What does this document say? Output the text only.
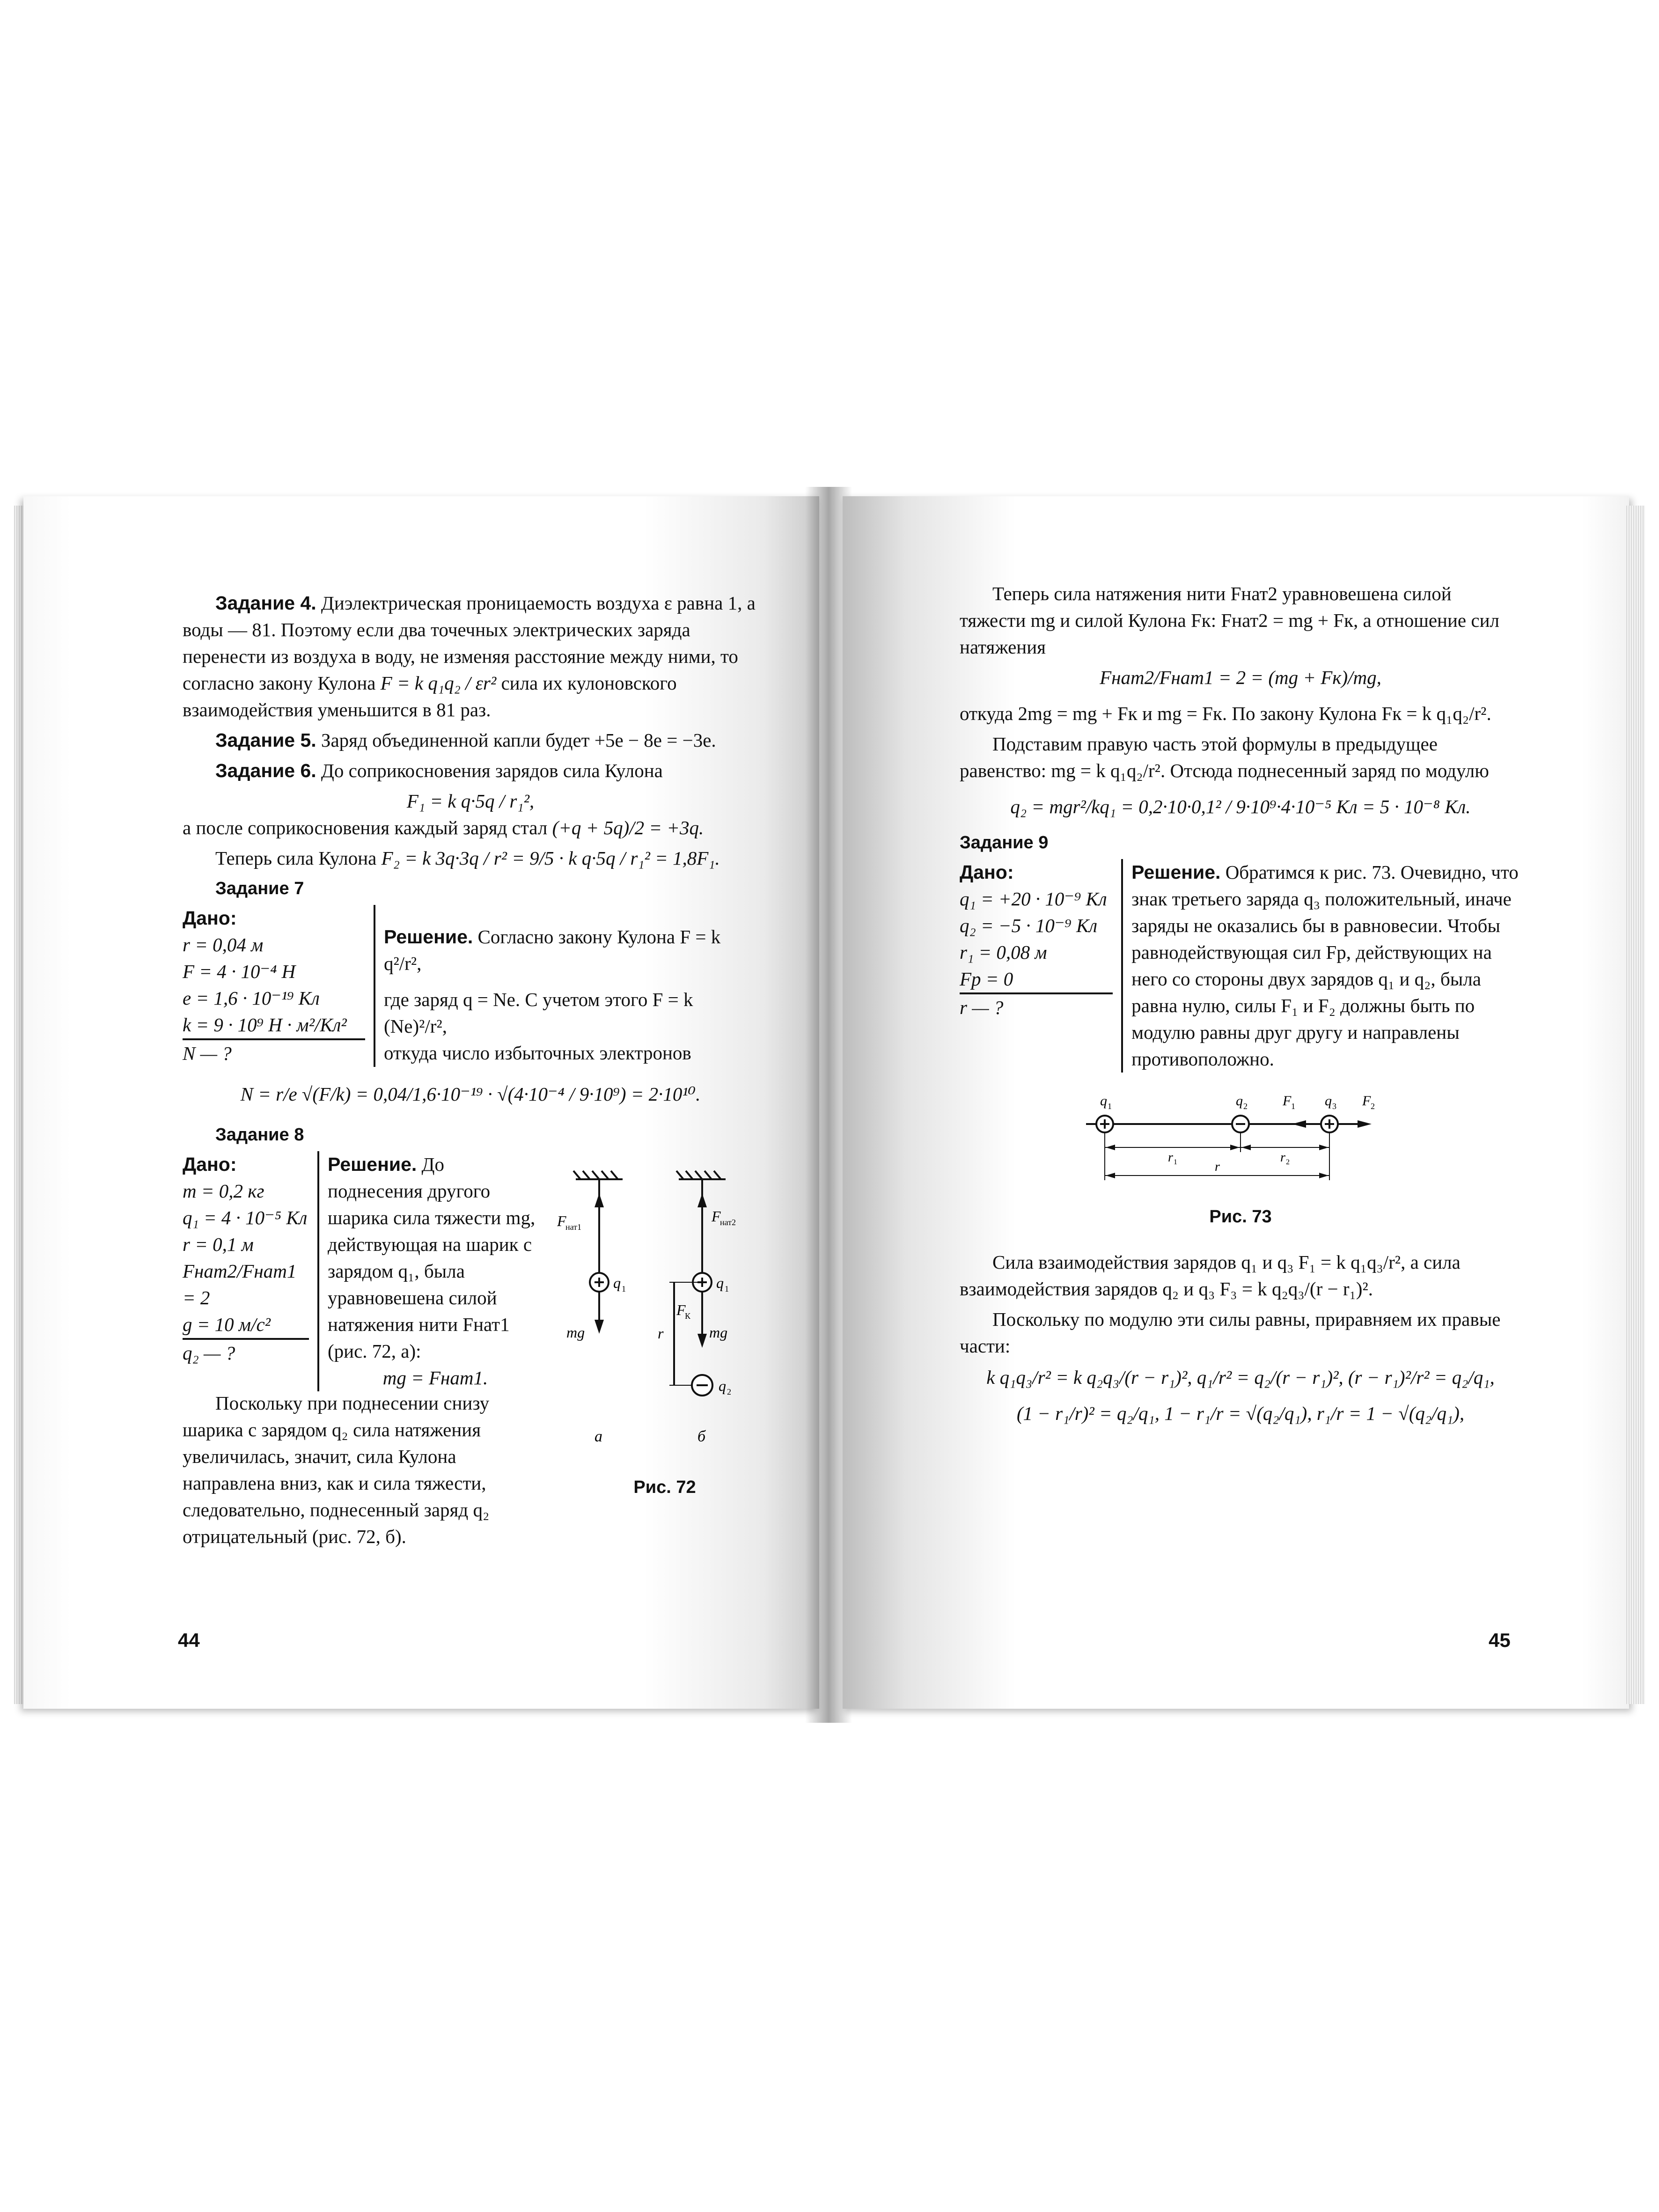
Задание 4. Диэлектрическая проницаемость воздуха ε равна 1, а воды — 81. Поэтому если два точечных электрических заряда перенести из воздуха в воду, не изменяя расстояние между ними, то согласно закону Кулона F = k q₁q₂ / εr² сила их кулоновского взаимодействия уменьшится в 81 раз.

Задание 5. Заряд объединенной капли будет +5e − 8e = −3e.

Задание 6. До соприкосновения зарядов сила Кулона

F₁ = k q·5q / r₁²,

а после соприкосновения каждый заряд стал (+q + 5q)/2 = +3q.

Теперь сила Кулона F₂ = k 3q·3q / r² = 9/5 · k q·5q / r₁² = 1,8F₁.

Задание 7
Дано:
r = 0,04 м
F = 4 · 10⁻⁴ Н
e = 1,6 · 10⁻¹⁹ Кл
k = 9 · 10⁹ Н · м²/Кл²
N — ?
Решение. Согласно закону Кулона F = k q²/r²,
где заряд q = Ne. С учетом этого F = k (Ne)²/r²,
откуда число избыточных электронов
N = r/e √(F/k) = 0,04/1,6·10⁻¹⁹ · √(4·10⁻⁴ / 9·10⁹) = 2·10¹⁰.
Задание 8
Дано:
m = 0,2 кг
q₁ = 4 · 10⁻⁵ Кл
r = 0,1 м
Fнат2/Fнат1 = 2
g = 10 м/с²
q₂ — ?
Решение. До поднесения другого шарика сила тяжести mg, действующая на шарик с зарядом q₁, была уравновешена силой натяжения нити Fнат1 (рис. 72, а):
mg = Fнат1.

Поскольку при поднесении снизу шарика с зарядом q₂ сила натяжения увеличилась, значит, сила Кулона направлена вниз, как и сила тяжести, следовательно, поднесенный заряд q₂ отрицательный (рис. 72, б).

F
нат1
q 1
mg
F
нат2
q 1
F
К
mg
r
q 2
а	б
Рис. 72
44

Теперь сила натяжения нити Fнат2 уравновешена силой тяжести mg и силой Кулона Fк: Fнат2 = mg + Fк, а отношение сил натяжения

Fнат2/Fнат1 = 2 = (mg + Fк)/mg,

откуда 2mg = mg + Fк и mg = Fк. По закону Кулона Fк = k q₁q₂/r².

Подставим правую часть этой формулы в предыдущее равенство: mg = k q₁q₂/r². Отсюда поднесенный заряд по модулю

q₂ = mgr²/kq₁ = 0,2·10·0,1² / 9·10⁹·4·10⁻⁵ Кл = 5 · 10⁻⁸ Кл.
Задание 9
Дано:
q₁ = +20 · 10⁻⁹ Кл
q₂ = −5 · 10⁻⁹ Кл
r₁ = 0,08 м
Fр = 0
r — ?
Решение. Обратимся к рис. 73. Очевидно, что знак третьего заряда q₃ положительный, иначе заряды не оказались бы в равновесии. Чтобы равнодействующая сил Fр, действующих на него со стороны двух зарядов q₁ и q₂, была равна нулю, силы F₁ и F₂ должны быть по модулю равны друг другу и направлены противоположно.
q 1	q 2	F 1 q 3 F 2
r 1	r 2
r
Рис. 73

Сила взаимодействия зарядов q₁ и q₃ F₁ = k q₁q₃/r², а сила взаимодействия зарядов q₂ и q₃ F₃ = k q₂q₃/(r − r₁)².

Поскольку по модулю эти силы равны, приравняем их правые части:

k q₁q₃/r² = k q₂q₃/(r − r₁)², q₁/r² = q₂/(r − r₁)², (r − r₁)²/r² = q₂/q₁,
(1 − r₁/r)² = q₂/q₁, 1 − r₁/r = √(q₂/q₁), r₁/r = 1 − √(q₂/q₁),
45
